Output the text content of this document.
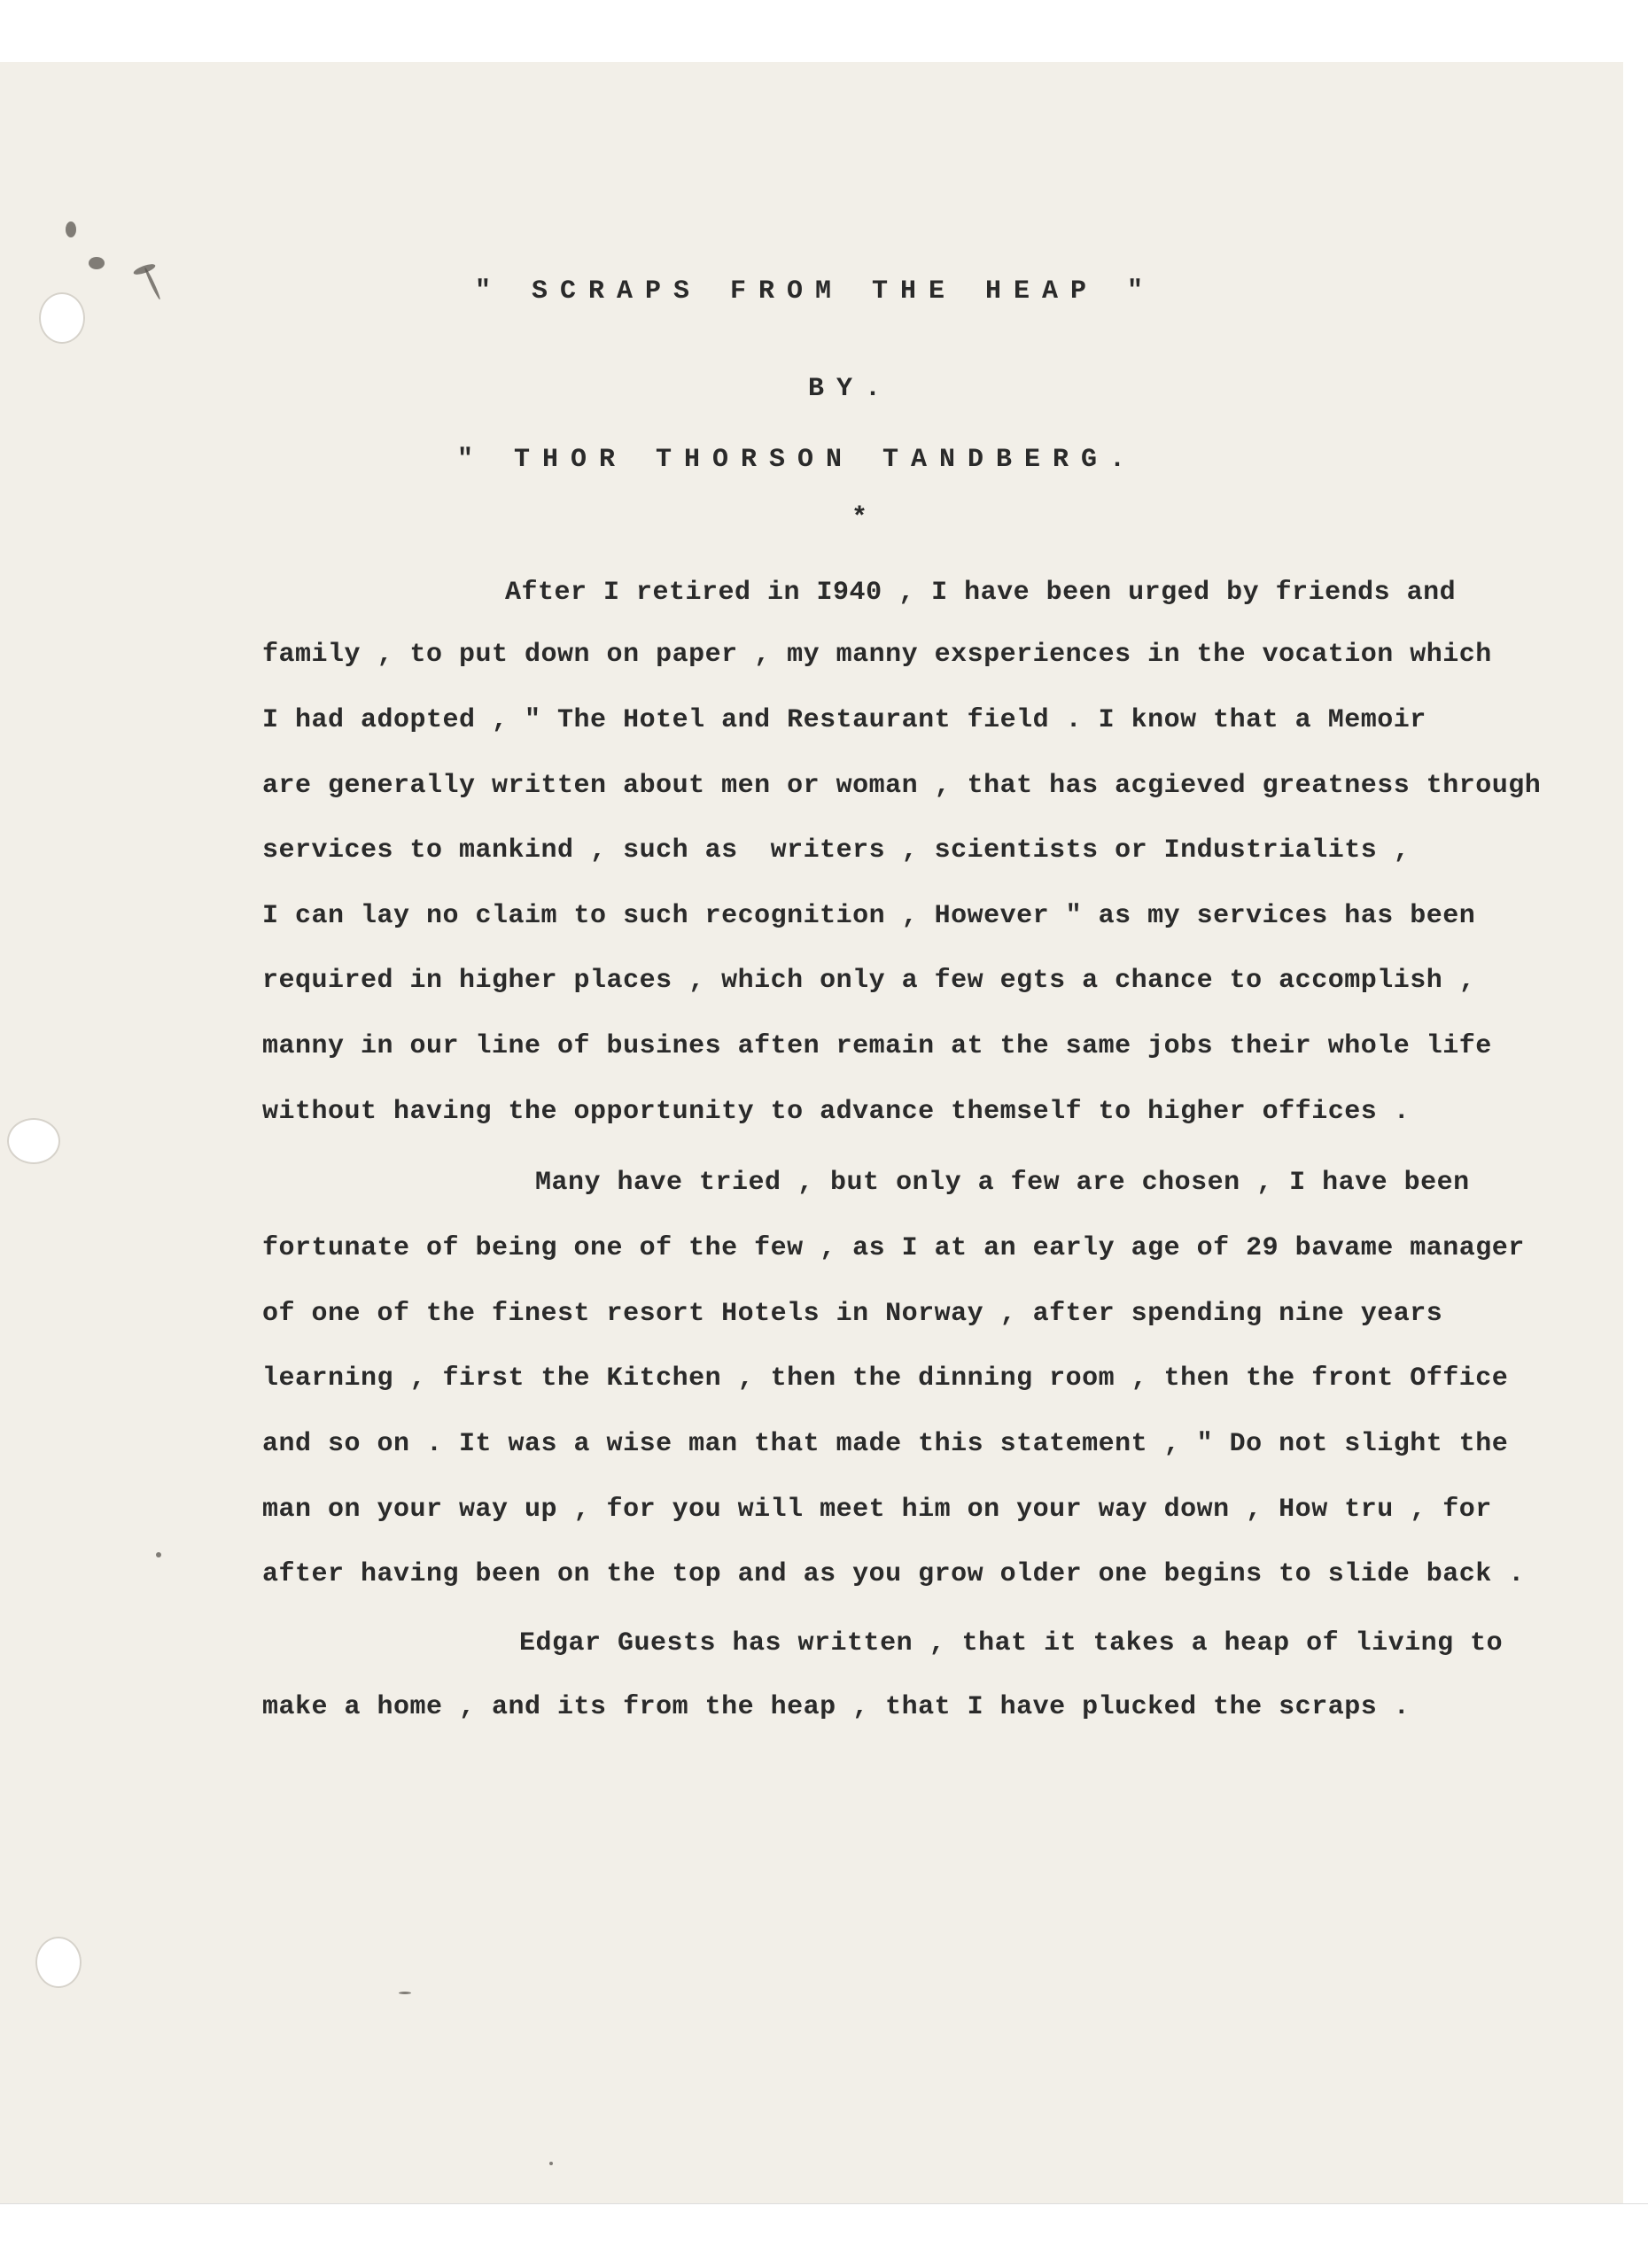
" SCRAPS FROM THE HEAP "
BY.
" THOR THORSON TANDBERG.
*
After I retired in I940 , I have been urged by friends and
family , to put down on paper , my manny exsperiences in the vocation which
I had adopted , " The Hotel and Restaurant field . I know that a Memoir
are generally written about men or woman , that has acgieved greatness through
services to mankind , such as  writers , scientists or Industrialits ,
I can lay no claim to such recognition , However " as my services has been
required in higher places , which only a few egts a chance to accomplish ,
manny in our line of busines aften remain at the same jobs their whole life
without having the opportunity to advance themself to higher offices .
Many have tried , but only a few are chosen , I have been
fortunate of being one of the few , as I at an early age of 29 bavame manager
of one of the finest resort Hotels in Norway , after spending nine years
learning , first the Kitchen , then the dinning room , then the front Office
and so on . It was a wise man that made this statement , " Do not slight the
man on your way up , for you will meet him on your way down , How tru , for
after having been on the top and as you grow older one begins to slide back .
Edgar Guests has written , that it takes a heap of living to
make a home , and its from the heap , that I have plucked the scraps .
